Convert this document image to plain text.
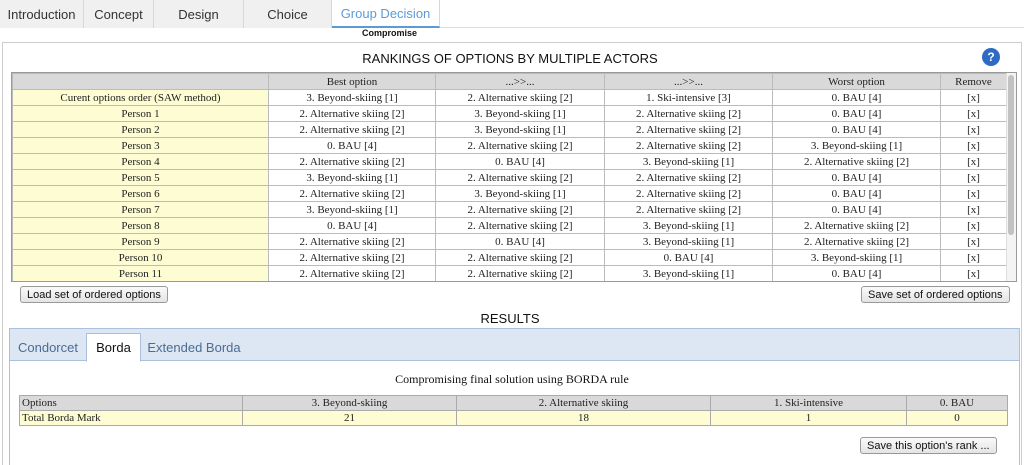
Introduction	Concept	Design	Choice	Group Decision
Compromise
RANKINGS OF OPTIONS BY MULTIPLE ACTORS	?
	Best option	...>>...	...>>...	Worst option	Remove
Curent options order (SAW method)	3. Beyond-skiing [1]	2. Alternative skiing [2]	1. Ski-intensive [3]	0. BAU [4]	[x]
Person 1	2. Alternative skiing [2]	3. Beyond-skiing [1]	2. Alternative skiing [2]	0. BAU [4]	[x]
Person 2	2. Alternative skiing [2]	3. Beyond-skiing [1]	2. Alternative skiing [2]	0. BAU [4]	[x]
Person 3	0. BAU [4]	2. Alternative skiing [2]	2. Alternative skiing [2]	3. Beyond-skiing [1]	[x]
Person 4	2. Alternative skiing [2]	0. BAU [4]	3. Beyond-skiing [1]	2. Alternative skiing [2]	[x]
Person 5	3. Beyond-skiing [1]	2. Alternative skiing [2]	2. Alternative skiing [2]	0. BAU [4]	[x]
Person 6	2. Alternative skiing [2]	3. Beyond-skiing [1]	2. Alternative skiing [2]	0. BAU [4]	[x]
Person 7	3. Beyond-skiing [1]	2. Alternative skiing [2]	2. Alternative skiing [2]	0. BAU [4]	[x]
Person 8	0. BAU [4]	2. Alternative skiing [2]	3. Beyond-skiing [1]	2. Alternative skiing [2]	[x]
Person 9	2. Alternative skiing [2]	0. BAU [4]	3. Beyond-skiing [1]	2. Alternative skiing [2]	[x]
Person 10	2. Alternative skiing [2]	2. Alternative skiing [2]	0. BAU [4]	3. Beyond-skiing [1]	[x]
Person 11	2. Alternative skiing [2]	2. Alternative skiing [2]	3. Beyond-skiing [1]	0. BAU [4]	[x]
Load set of ordered options	Save set of ordered options
RESULTS
Condorcet	Borda	Extended Borda
Compromising final solution using BORDA rule
Options	3. Beyond-skiing	2. Alternative skiing	1. Ski-intensive	0. BAU
Total Borda Mark	21	18	1	0
Save this option's rank ...
